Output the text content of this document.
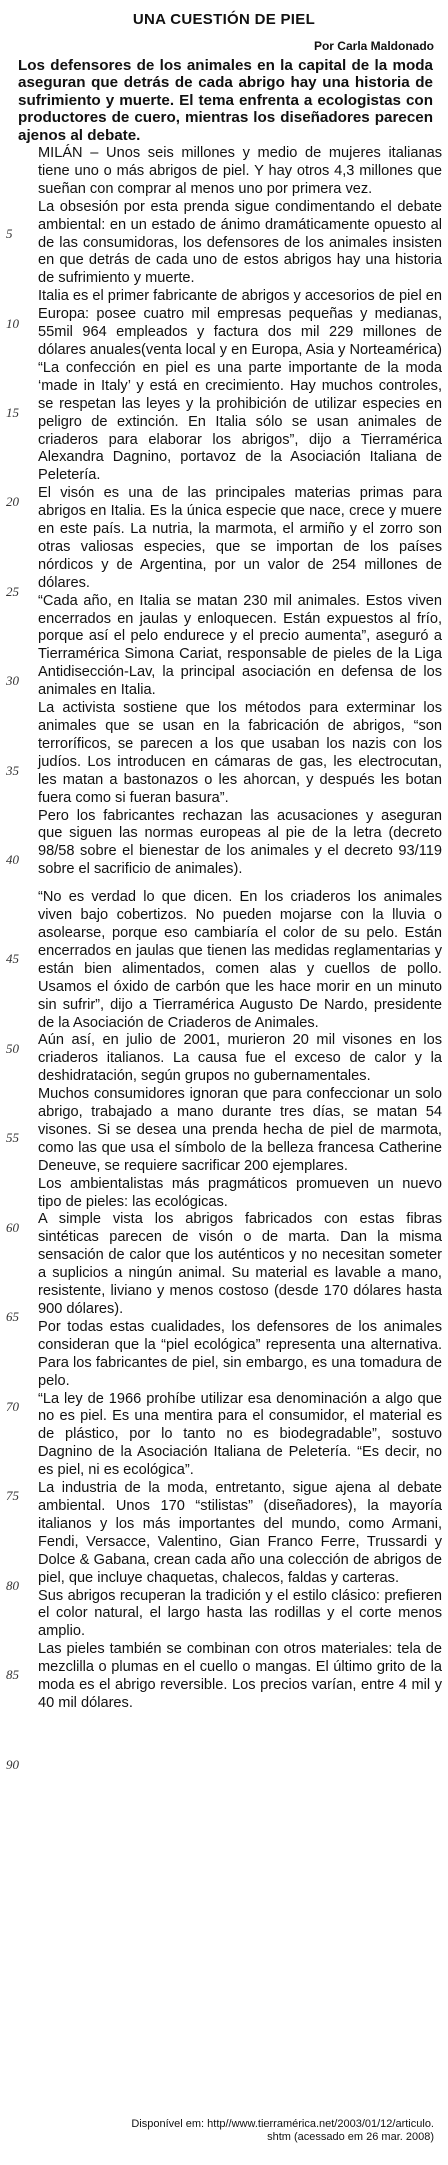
UNA CUESTIÓN DE PIEL
Por Carla Maldonado

Los defensores de los animales en la capital de la moda aseguran que detrás de cada abrigo hay una historia de sufrimiento y muerte. El tema enfrenta a ecologistas con productores de cuero, mientras los diseñadores parecen ajenos al debate.

5
10
15
20
25
30
35
40
45
50
55
60
65
70
75
80
85
90

MILÁN – Unos seis millones y medio de mujeres italianas tiene uno o más abrigos de piel. Y hay otros 4,3 millones que sueñan con comprar al menos uno por primera vez.

La obsesión por esta prenda sigue condimentando el debate ambiental: en un estado de ánimo dramáticamente opuesto al de las consumidoras, los defensores de los animales insisten en que detrás de cada uno de estos abrigos hay una historia de sufrimiento y muerte.

Italia es el primer fabricante de abrigos y accesorios de piel en Europa: posee cuatro mil empresas pequeñas y medianas, 55mil 964 empleados y factura dos mil 229 millones de dólares anuales(venta local y en Europa, Asia y Norteamérica)

“La confección en piel es una parte importante de la moda ‘made in Italy’ y está en crecimiento. Hay muchos controles, se respetan las leyes y la prohibición de utilizar especies en peligro de extinción. En Italia sólo se usan animales de criaderos para elaborar los abrigos”, dijo a Tierramérica Alexandra Dagnino, portavoz de la Asociación Italiana de Peletería.

El visón es una de las principales materias primas para abrigos en Italia. Es la única especie que nace, crece y muere en este país. La nutria, la marmota, el armiño y el zorro son otras valiosas especies, que se importan de los países nórdicos y de Argentina, por un valor de 254 millones de dólares.

“Cada año, en Italia se matan 230 mil animales. Estos viven encerrados en jaulas y enloquecen. Están expuestos al frío, porque así el pelo endurece y el precio aumenta”, aseguró a Tierramérica Simona Cariat, responsable de pieles de la Liga Antidisección-Lav, la principal asociación en defensa de los animales en Italia.

La activista sostiene que los métodos para exterminar los animales que se usan en la fabricación de abrigos, “son terroríficos, se parecen a los que usaban los nazis con los judíos. Los introducen en cámaras de gas, les electrocutan, les matan a bastonazos o les ahorcan, y después les botan fuera como si fueran basura”.

Pero los fabricantes rechazan las acusaciones y aseguran que siguen las normas europeas al pie de la letra (decreto 98/58 sobre el bienestar de los animales y el decreto 93/119 sobre el sacrificio de animales).

“No es verdad lo que dicen. En los criaderos los animales viven bajo cobertizos. No pueden mojarse con la lluvia o asolearse, porque eso cambiaría el color de su pelo. Están encerrados en jaulas que tienen las medidas reglamentarias y están bien alimentados, comen alas y cuellos de pollo. Usamos el óxido de carbón que les hace morir en un minuto sin sufrir”, dijo a Tierramérica Augusto De Nardo, presidente de la Asociación de Criaderos de Animales.

Aún así, en julio de 2001, murieron 20 mil visones en los criaderos italianos. La causa fue el exceso de calor y la deshidratación, según grupos no gubernamentales.

Muchos consumidores ignoran que para confeccionar un solo abrigo, trabajado a mano durante tres días, se matan 54 visones. Si se desea una prenda hecha de piel de marmota, como las que usa el símbolo de la belleza francesa Catherine Deneuve, se requiere sacrificar 200 ejemplares.

Los ambientalistas más pragmáticos promueven un nuevo tipo de pieles: las ecológicas.

A simple vista los abrigos fabricados con estas fibras sintéticas parecen de visón o de marta. Dan la misma sensación de calor que los auténticos y no necesitan someter a suplicios a ningún animal. Su material es lavable a mano, resistente, liviano y menos costoso (desde 170 dólares hasta 900 dólares).

Por todas estas cualidades, los defensores de los animales consideran que la “piel ecológica” representa una alternativa. Para los fabricantes de piel, sin embargo, es una tomadura de pelo.

“La ley de 1966 prohíbe utilizar esa denominación a algo que no es piel. Es una mentira para el consumidor, el material es de plástico, por lo tanto no es biodegradable”, sostuvo Dagnino de la Asociación Italiana de Peletería. “Es decir, no es piel, ni es ecológica”.

La industria de la moda, entretanto, sigue ajena al debate ambiental. Unos 170 “stilistas” (diseñadores), la mayoría italianos y los más importantes del mundo, como Armani, Fendi, Versacce, Valentino, Gian Franco Ferre, Trussardi y Dolce & Gabana, crean cada año una colección de abrigos de piel, que incluye chaquetas, chalecos, faldas y carteras.

Sus abrigos recuperan la tradición y el estilo clásico: prefieren el color natural, el largo hasta las rodillas y el corte menos amplio.

Las pieles también se combinan con otros materiales: tela de mezclilla o plumas en el cuello o mangas. El último grito de la moda es el abrigo reversible. Los precios varían, entre 4 mil y 40 mil dólares.

Disponível em: http//www.tierramérica.net/2003/01/12/articulo.
shtm (acessado em 26 mar. 2008)
